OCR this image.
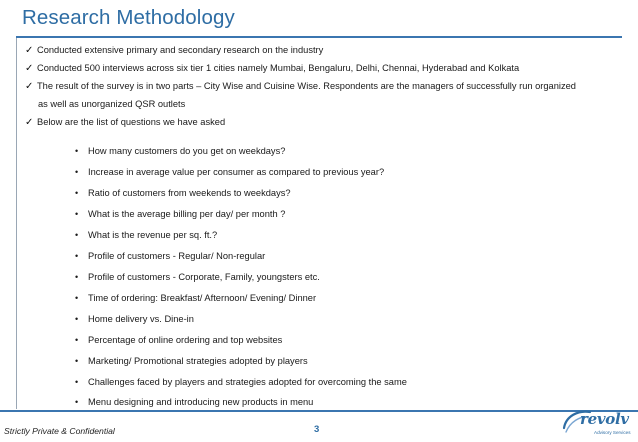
Research Methodology
✓ Conducted extensive primary and secondary research on the industry
✓ Conducted 500 interviews across six tier 1 cities namely Mumbai, Bengaluru, Delhi, Chennai, Hyderabad and Kolkata
✓ The result of the survey is in two parts – City Wise and Cuisine Wise. Respondents are the managers of successfully run organized
as well as unorganized QSR outlets
✓ Below are the list of questions we have asked
• How many customers do you get on weekdays?
• Increase in average value per consumer as compared to previous year?
• Ratio of customers from weekends to weekdays?
• What is the average billing per day/ per month ?
• What is the revenue per sq. ft.?
• Profile of customers - Regular/ Non-regular
• Profile of customers - Corporate, Family, youngsters etc.
• Time of ordering: Breakfast/ Afternoon/ Evening/ Dinner
• Home delivery vs. Dine-in
• Percentage of online ordering and top websites
• Marketing/ Promotional strategies adopted by players
• Challenges faced by players and strategies adopted for overcoming the same
• Menu designing and introducing new products in menu
Strictly Private & Confidential	3
revolv
Advisory Services
